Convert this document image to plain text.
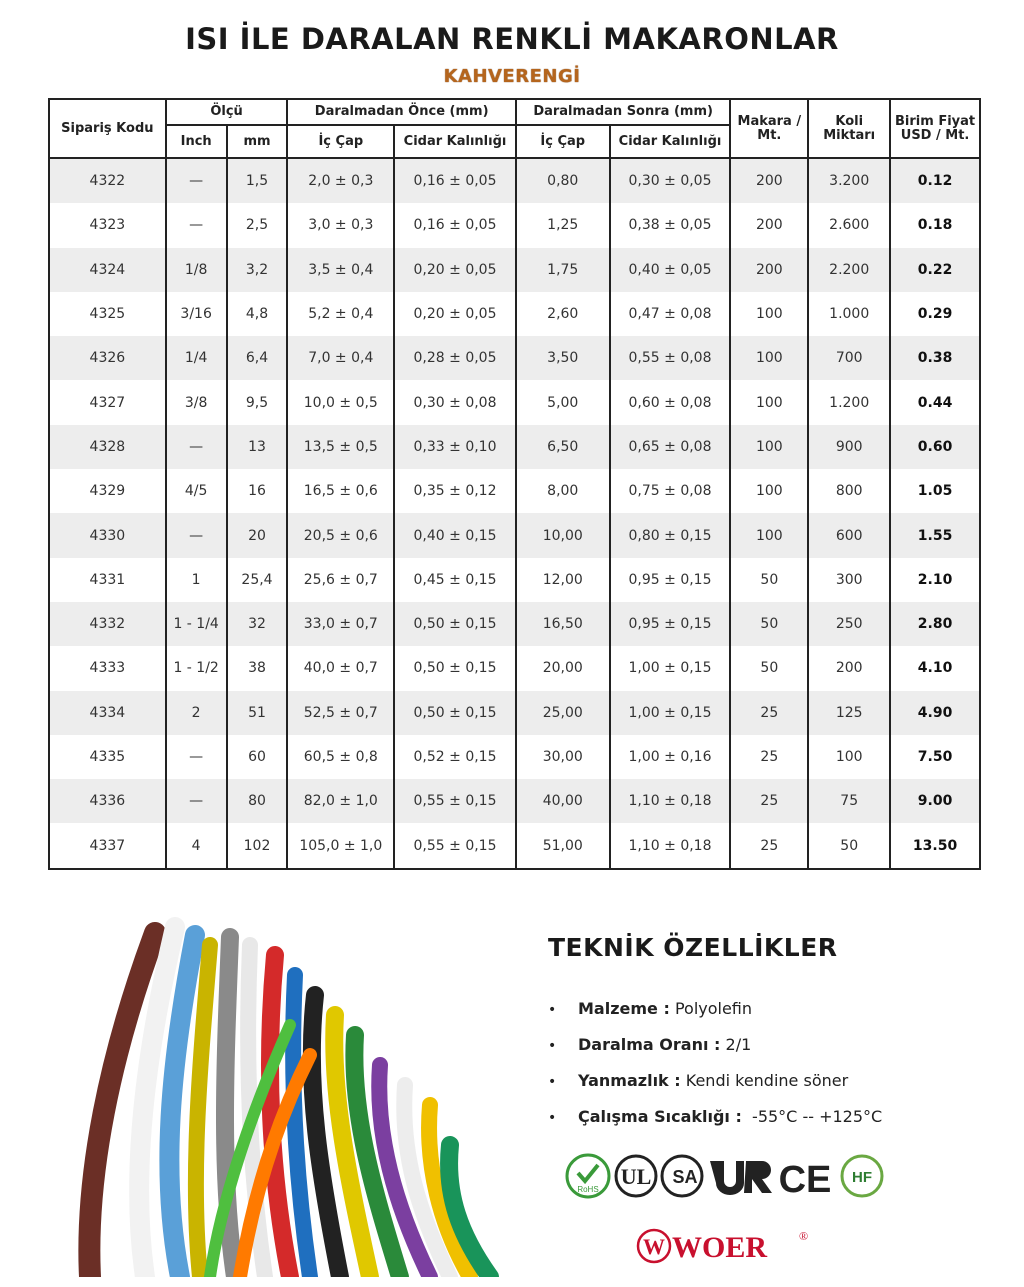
ISI İLE DARALAN RENKLİ MAKARONLAR
KAHVERENGİ
Sipariş Kodu	Ölçü		Daralmadan Önce (mm)		Daralmadan Sonra (mm)		Makara / Mt.	Koli Miktarı	Birim Fiyat USD / Mt.
	Inch	mm	İç Çap	Cidar Kalınlığı	İç Çap	Cidar Kalınlığı			
4322	—	1,5	2,0 ± 0,3	0,16 ± 0,05	0,80	0,30 ± 0,05	200	3.200	0.12
4323	—	2,5	3,0 ± 0,3	0,16 ± 0,05	1,25	0,38 ± 0,05	200	2.600	0.18
4324	1/8	3,2	3,5 ± 0,4	0,20 ± 0,05	1,75	0,40 ± 0,05	200	2.200	0.22
4325	3/16	4,8	5,2 ± 0,4	0,20 ± 0,05	2,60	0,47 ± 0,08	100	1.000	0.29
4326	1/4	6,4	7,0 ± 0,4	0,28 ± 0,05	3,50	0,55 ± 0,08	100	700	0.38
4327	3/8	9,5	10,0 ± 0,5	0,30 ± 0,08	5,00	0,60 ± 0,08	100	1.200	0.44
4328	—	13	13,5 ± 0,5	0,33 ± 0,10	6,50	0,65 ± 0,08	100	900	0.60
4329	4/5	16	16,5 ± 0,6	0,35 ± 0,12	8,00	0,75 ± 0,08	100	800	1.05
4330	—	20	20,5 ± 0,6	0,40 ± 0,15	10,00	0,80 ± 0,15	100	600	1.55
4331	1	25,4	25,6 ± 0,7	0,45 ± 0,15	12,00	0,95 ± 0,15	50	300	2.10
4332	1 - 1/4	32	33,0 ± 0,7	0,50 ± 0,15	16,50	0,95 ± 0,15	50	250	2.80
4333	1 - 1/2	38	40,0 ± 0,7	0,50 ± 0,15	20,00	1,00 ± 0,15	50	200	4.10
4334	2	51	52,5 ± 0,7	0,50 ± 0,15	25,00	1,00 ± 0,15	25	125	4.90
4335	—	60	60,5 ± 0,8	0,52 ± 0,15	30,00	1,00 ± 0,16	25	100	7.50
4336	—	80	82,0 ± 1,0	0,55 ± 0,15	40,00	1,10 ± 0,18	25	75	9.00
4337	4	102	105,0 ± 1,0	0,55 ± 0,15	51,00	1,10 ± 0,18	25	50	13.50
TEKNİK ÖZELLİKLER
• Malzeme : Polyolefin
• Daralma Oranı : 2/1
• Yanmazlık : Kendi kendine söner
• Çalışma Sıcaklığı :  -55°C -- +125°C
RoHS
UL SA CE HF
W WOER	®
